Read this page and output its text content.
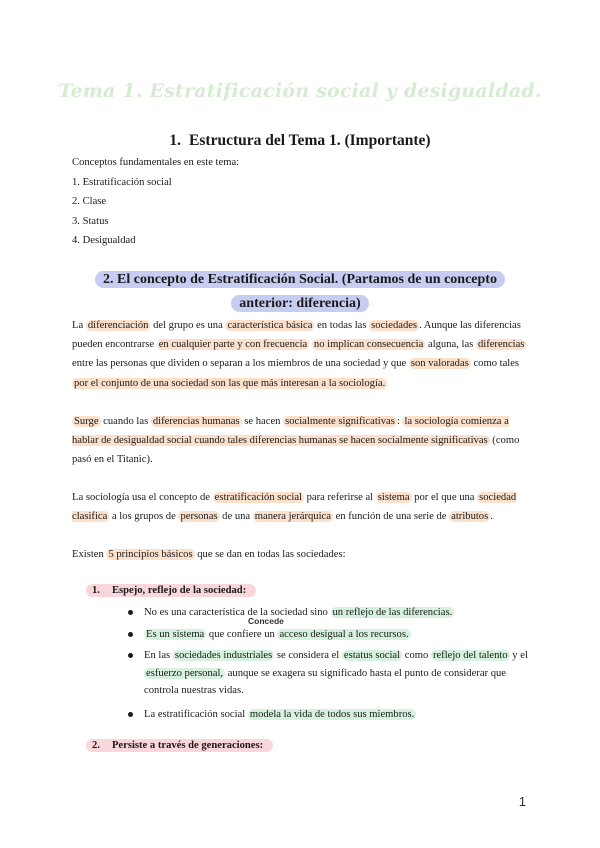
Tema 1. Estratificación social y desigualdad.
1. Estructura del Tema 1. (Importante)
Conceptos fundamentales en este tema:
1. Estratificación social
2. Clase
3. Status
4. Desigualdad
2. El concepto de Estratificación Social. (Partamos de un concepto
anterior: diferencia)
La diferenciación del grupo es una característica básica en todas las sociedades . Aunque las diferencias pueden encontrarse en cualquier parte y con frecuencia no implican consecuencia alguna, las diferencias entre las personas que dividen o separan a los miembros de una sociedad y que son valoradas como tales por el conjunto de una sociedad son las que más interesan a la sociología.
Surge cuando las diferencias humanas se hacen socialmente significativas : la sociología comienza a hablar de desigualdad social cuando tales diferencias humanas se hacen socialmente significativas (como pasó en el Titanic).
La sociología usa el concepto de estratificación social para referirse al sistema por el que una sociedad clasifica a los grupos de personas de una manera jerárquica en función de una serie de atributos .
Existen 5 principios básicos que se dan en todas las sociedades:
1. Espejo, reflejo de la sociedad:
Concede
No es una característica de la sociedad sino un reflejo de las diferencias.
Es un sistema que confiere un acceso desigual a los recursos.
En las sociedades industriales se considera el estatus social como reflejo del talento y el esfuerzo personal, aunque se exagera su significado hasta el punto de considerar que controla nuestras vidas.
La estratificación social modela la vida de todos sus miembros.
2. Persiste a través de generaciones:
1
